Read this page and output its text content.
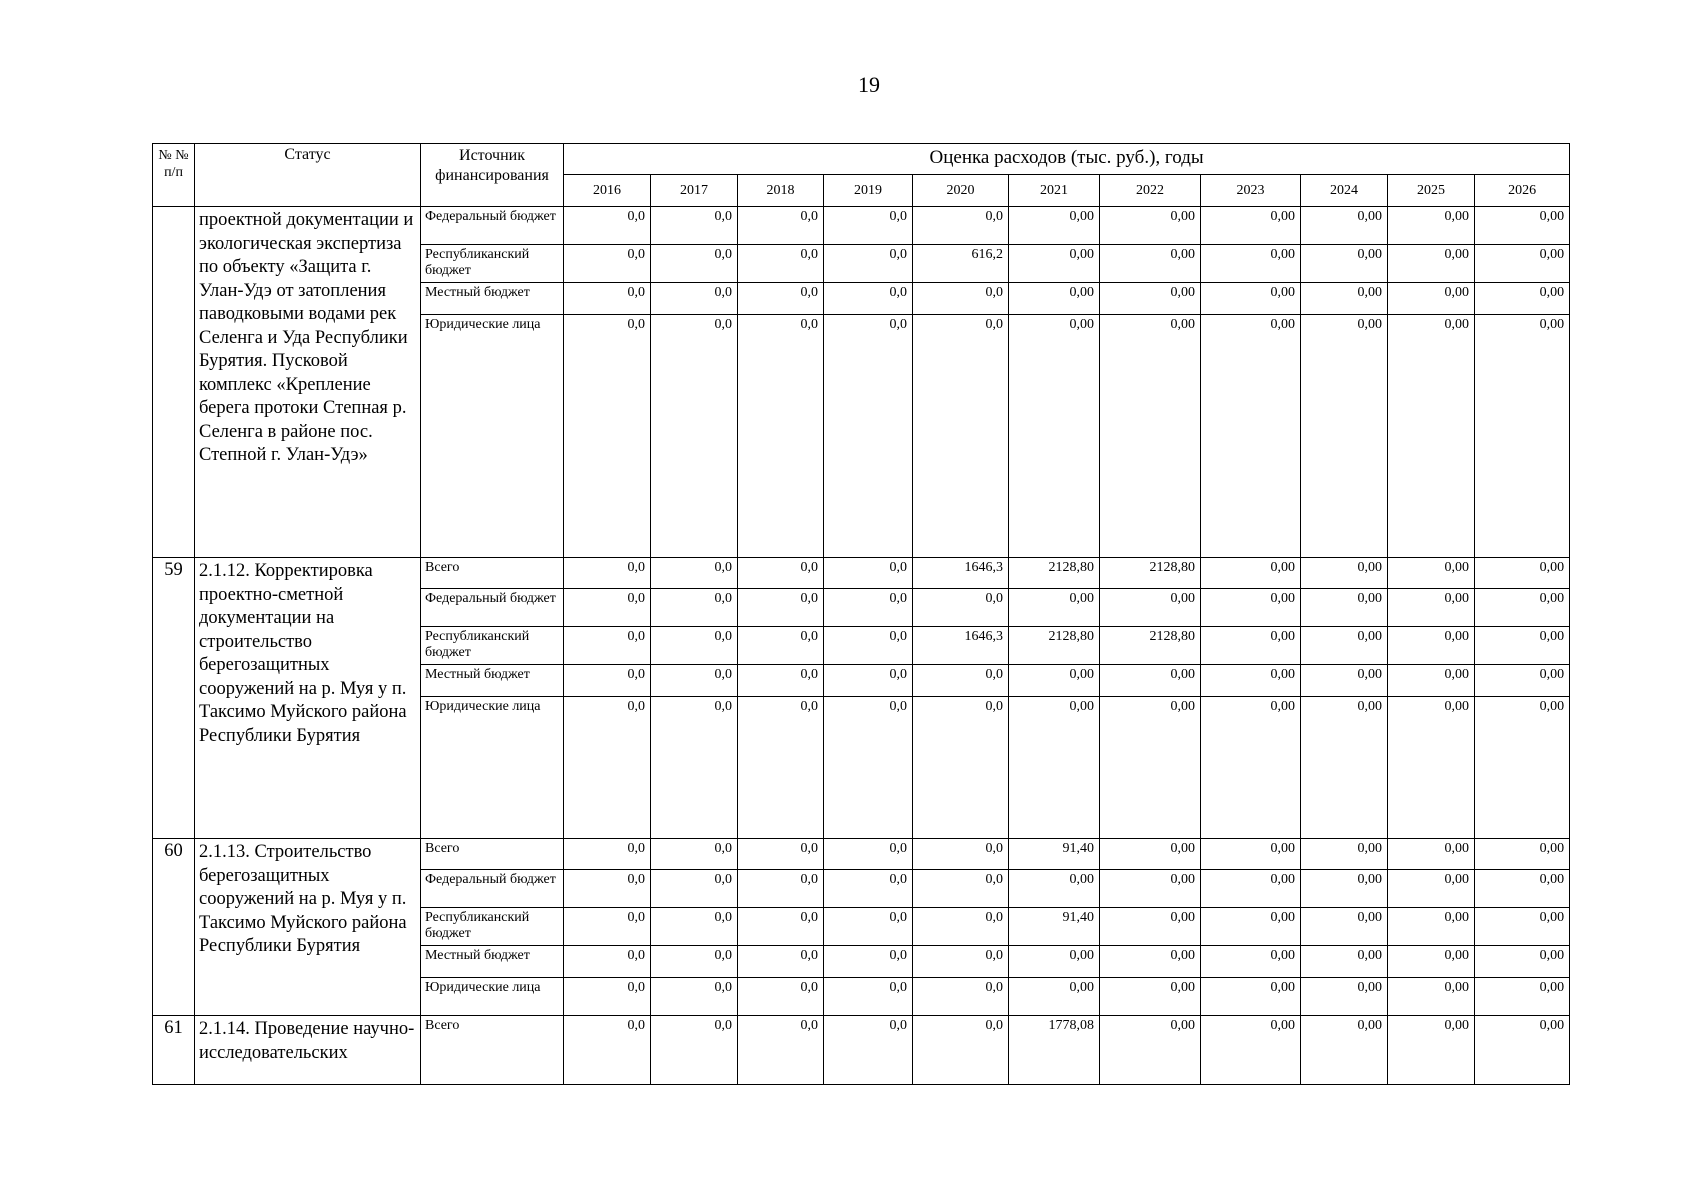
19
№ № п/п	Статус	Источник финансирования	Оценка расходов (тыс. руб.), годы										
			2016	2017	2018	2019	2020	2021	2022	2023	2024	2025	2026
	проектной документации и экологическая экспертиза по объекту «Защита г. Улан-Удэ от затопления паводковыми водами рек Селенга и Уда Республики Бурятия. Пусковой комплекс «Крепление берега протоки Степная р. Селенга в районе пос. Степной г. Улан-Удэ»	Федеральный бюджет	0,0	0,0	0,0	0,0	0,0	0,00	0,00	0,00	0,00	0,00	0,00
		Республиканский бюджет	0,0	0,0	0,0	0,0	616,2	0,00	0,00	0,00	0,00	0,00	0,00
		Местный бюджет	0,0	0,0	0,0	0,0	0,0	0,00	0,00	0,00	0,00	0,00	0,00
		Юридические лица	0,0	0,0	0,0	0,0	0,0	0,00	0,00	0,00	0,00	0,00	0,00
59	2.1.12. Корректировка проектно-сметной документации на строительство берегозащитных сооружений на р. Муя у п. Таксимо Муйского района Республики Бурятия	Всего	0,0	0,0	0,0	0,0	1646,3	2128,80	2128,80	0,00	0,00	0,00	0,00
		Федеральный бюджет	0,0	0,0	0,0	0,0	0,0	0,00	0,00	0,00	0,00	0,00	0,00
		Республиканский бюджет	0,0	0,0	0,0	0,0	1646,3	2128,80	2128,80	0,00	0,00	0,00	0,00
		Местный бюджет	0,0	0,0	0,0	0,0	0,0	0,00	0,00	0,00	0,00	0,00	0,00
		Юридические лица	0,0	0,0	0,0	0,0	0,0	0,00	0,00	0,00	0,00	0,00	0,00
60	2.1.13. Строительство берегозащитных сооружений на р. Муя у п. Таксимо Муйского района Республики Бурятия	Всего	0,0	0,0	0,0	0,0	0,0	91,40	0,00	0,00	0,00	0,00	0,00
		Федеральный бюджет	0,0	0,0	0,0	0,0	0,0	0,00	0,00	0,00	0,00	0,00	0,00
		Республиканский бюджет	0,0	0,0	0,0	0,0	0,0	91,40	0,00	0,00	0,00	0,00	0,00
		Местный бюджет	0,0	0,0	0,0	0,0	0,0	0,00	0,00	0,00	0,00	0,00	0,00
		Юридические лица	0,0	0,0	0,0	0,0	0,0	0,00	0,00	0,00	0,00	0,00	0,00
61	2.1.14. Проведение научно-исследовательских	Всего	0,0	0,0	0,0	0,0	0,0	1778,08	0,00	0,00	0,00	0,00	0,00
